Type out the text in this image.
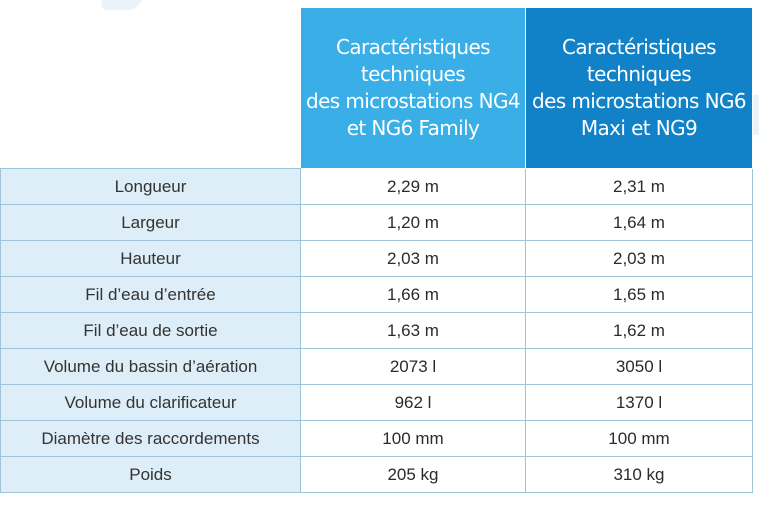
	Caractéristiques
techniques
des microstations NG4
et NG6 Family	Caractéristiques
techniques
des microstations NG6
Maxi et NG9

Longueur	2,29 m	2,31 m
Largeur	1,20 m	1,64 m
Hauteur	2,03 m	2,03 m
Fil d’eau d’entrée	1,66 m	1,65 m
Fil d’eau de sortie	1,63 m	1,62 m
Volume du bassin d’aération	2073 l	3050 l
Volume du clarificateur	962 l	1370 l
Diamètre des raccordements	100 mm	100 mm
Poids	205 kg	310 kg
